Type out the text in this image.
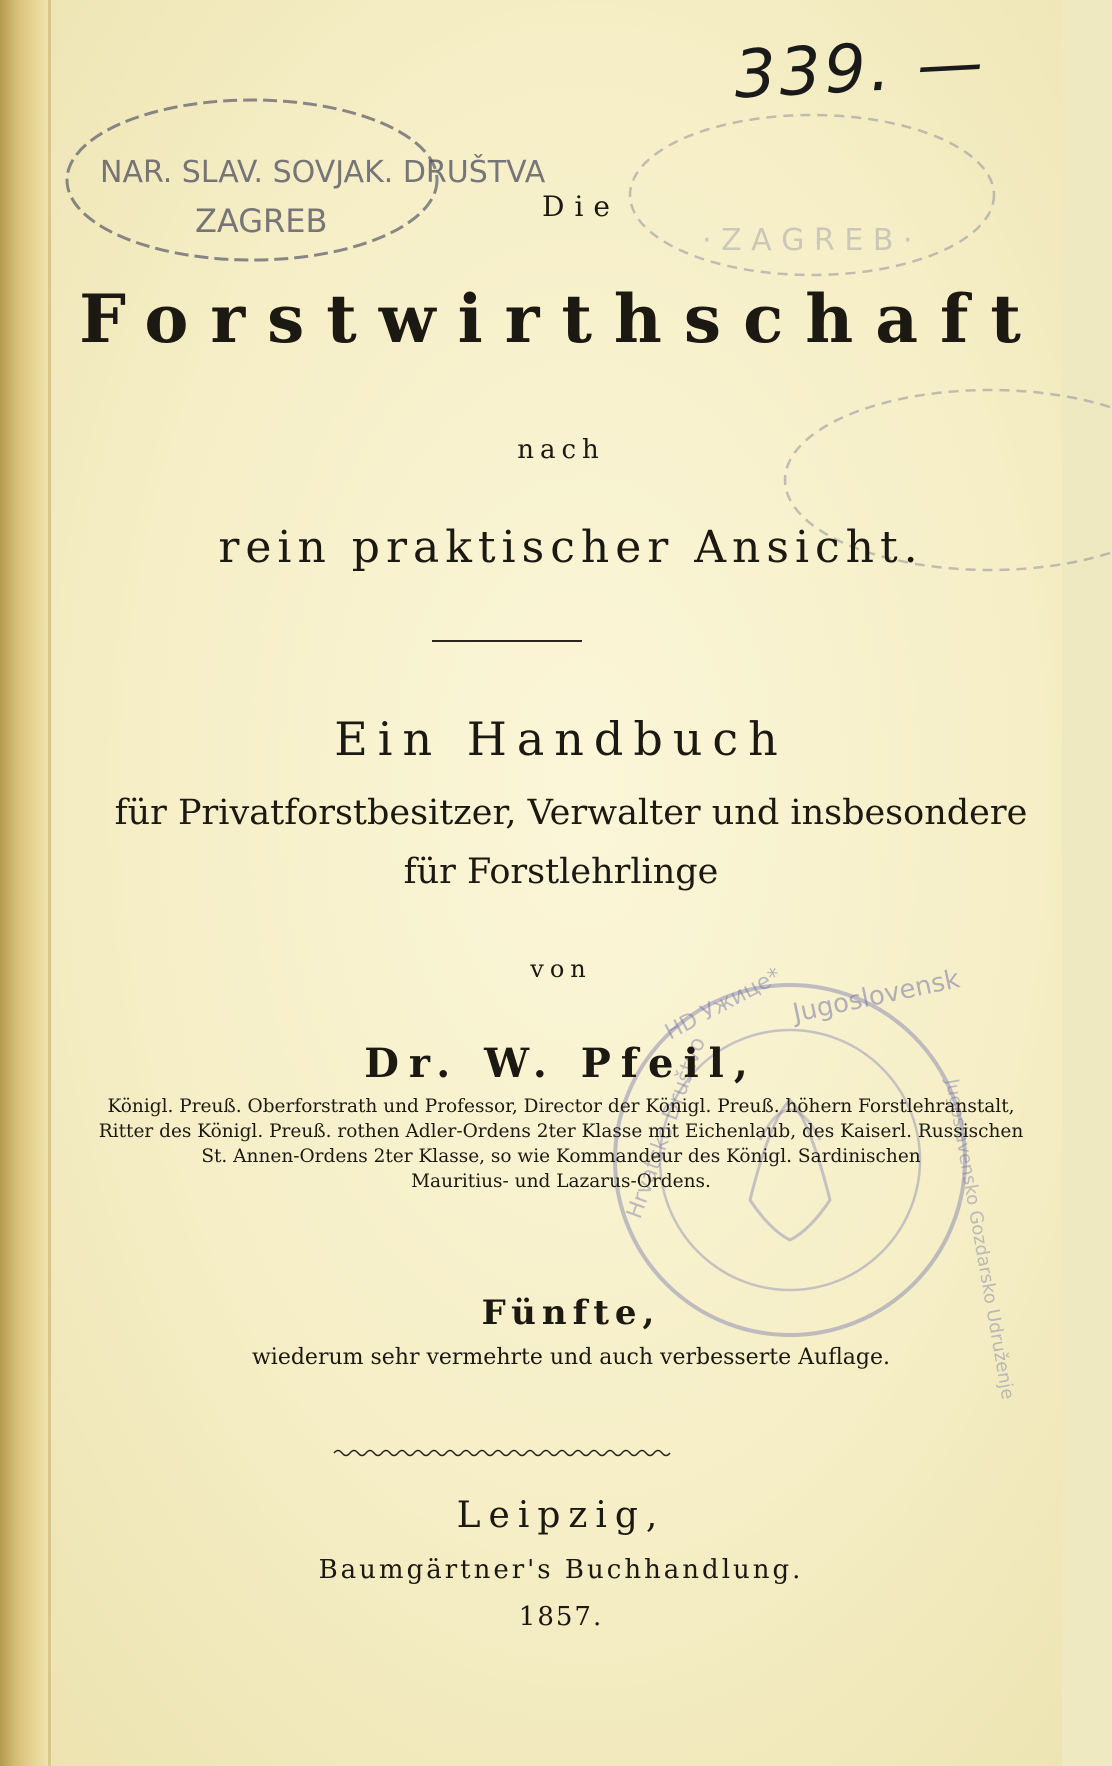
NAR. SLAV. SOVJAK. DRUŠTVA
ZAGREB
· Z A G R E B ·
Jugoslovensk
HD Ужице*
Hrvatsko Društvo	Jugoslavensko Gozdarsko Udruženje
339. —
Die
Forstwirthschaft
nach
rein praktischer Ansicht.
Ein Handbuch
für Privatforstbesitzer, Verwalter und insbesondere
für Forstlehrlinge
von
Dr. W. Pfeil,
Königl. Preuß. Oberforstrath und Professor, Director der Königl. Preuß. höhern Forstlehranstalt,
Ritter des Königl. Preuß. rothen Adler-Ordens 2ter Klasse mit Eichenlaub, des Kaiserl. Russischen
St. Annen-Ordens 2ter Klasse, so wie Kommandeur des Königl. Sardinischen
Mauritius- und Lazarus-Ordens.
Fünfte,
wiederum sehr vermehrte und auch verbesserte Auflage.
Leipzig,
Baumgärtner's Buchhandlung.
1857.
